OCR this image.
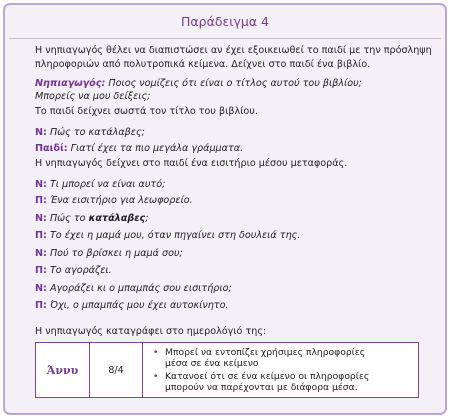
Παράδειγμα 4
Η νηπιαγωγός θέλει να διαπιστώσει αν έχει εξοικειωθεί το παιδί με την πρόσληψη
πληροφοριών από πολυτροπικά κείμενα. Δείχνει στο παιδί ένα βιβλίο.
Νηπιαγωγός: Ποιος νομίζεις ότι είναι ο τίτλος αυτού του βιβλίου;
Μπορείς να μου δείξεις;
Το παιδί δείχνει σωστά τον τίτλο του βιβλίου.
Ν: Πώς το κατάλαβες;
Παιδί: Γιατί έχει τα πιο μεγάλα γράμματα.
Η νηπιαγωγός δείχνει στο παιδί ένα εισιτήριο μέσου μεταφοράς.
Ν: Τι μπορεί να είναι αυτό;
Π: Ένα εισιτήριο για λεωφορείο.
Ν: Πώς το κατάλαβες;
Π: Το έχει η μαμά μου, όταν πηγαίνει στη δουλειά της.
Ν: Πού το βρίσκει η μαμά σου;
Π: Το αγοράζει.
Ν: Αγοράζει κι ο μπαμπάς σου εισιτήριο;
Π: Όχι, ο μπαμπάς μου έχει αυτοκίνητο.
Η νηπιαγωγός καταγράφει στο ημερολόγιό της:
Άννυ	8/4	
• Μπορεί να εντοπίζει χρήσιμες πληροφορίες
μέσα σε ένα κείμενο
• Κατανοεί ότι σε ένα κείμενο οι πληροφορίες
μπορούν να παρέχονται με διάφορα μέσα.
